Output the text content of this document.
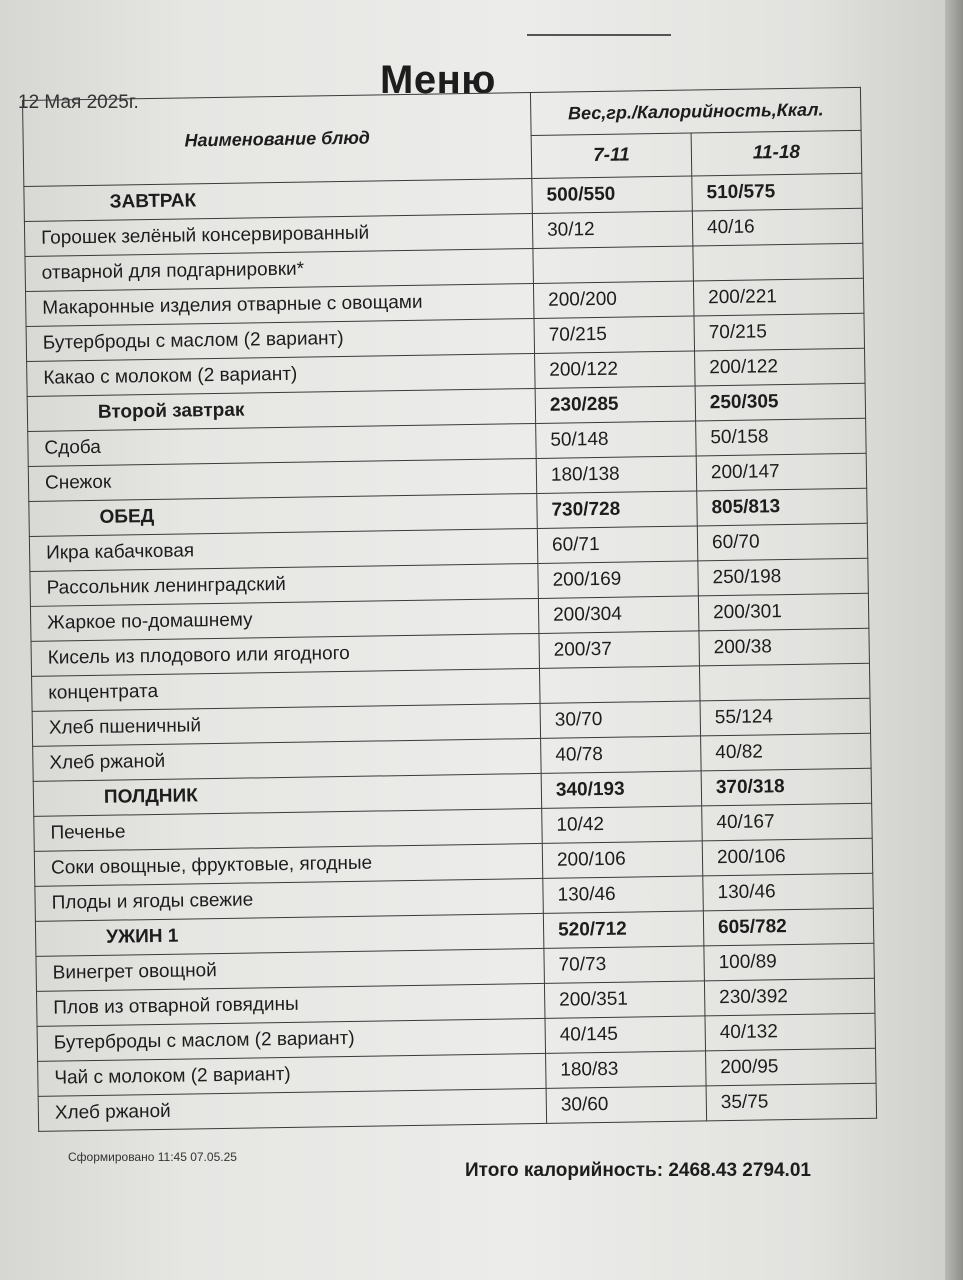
Меню
12 Мая 2025г.
Наименование блюд	Вес,гр./Калорийность,Ккал.	
	7-11	11-18
ЗАВТРАК	500/550	510/575
Горошек зелёный консервированный	30/12	40/16
отварной для подгарнировки*		
Макаронные изделия отварные с овощами	200/200	200/221
Бутерброды с маслом (2 вариант)	70/215	70/215
Какао с молоком (2 вариант)	200/122	200/122
Второй завтрак	230/285	250/305
Сдоба	50/148	50/158
Снежок	180/138	200/147
ОБЕД	730/728	805/813
Икра кабачковая	60/71	60/70
Рассольник ленинградский	200/169	250/198
Жаркое по-домашнему	200/304	200/301
Кисель из плодового или ягодного	200/37	200/38
концентрата		
Хлеб пшеничный	30/70	55/124
Хлеб ржаной	40/78	40/82
ПОЛДНИК	340/193	370/318
Печенье	10/42	40/167
Соки овощные, фруктовые, ягодные	200/106	200/106
Плоды и ягоды свежие	130/46	130/46
УЖИН 1	520/712	605/782
Винегрет овощной	70/73	100/89
Плов из отварной говядины	200/351	230/392
Бутерброды с маслом (2 вариант)	40/145	40/132
Чай с молоком (2 вариант)	180/83	200/95
Хлеб ржаной	30/60	35/75
Сформировано 11:45 07.05.25
Итого калорийность: 2468.43 2794.01
